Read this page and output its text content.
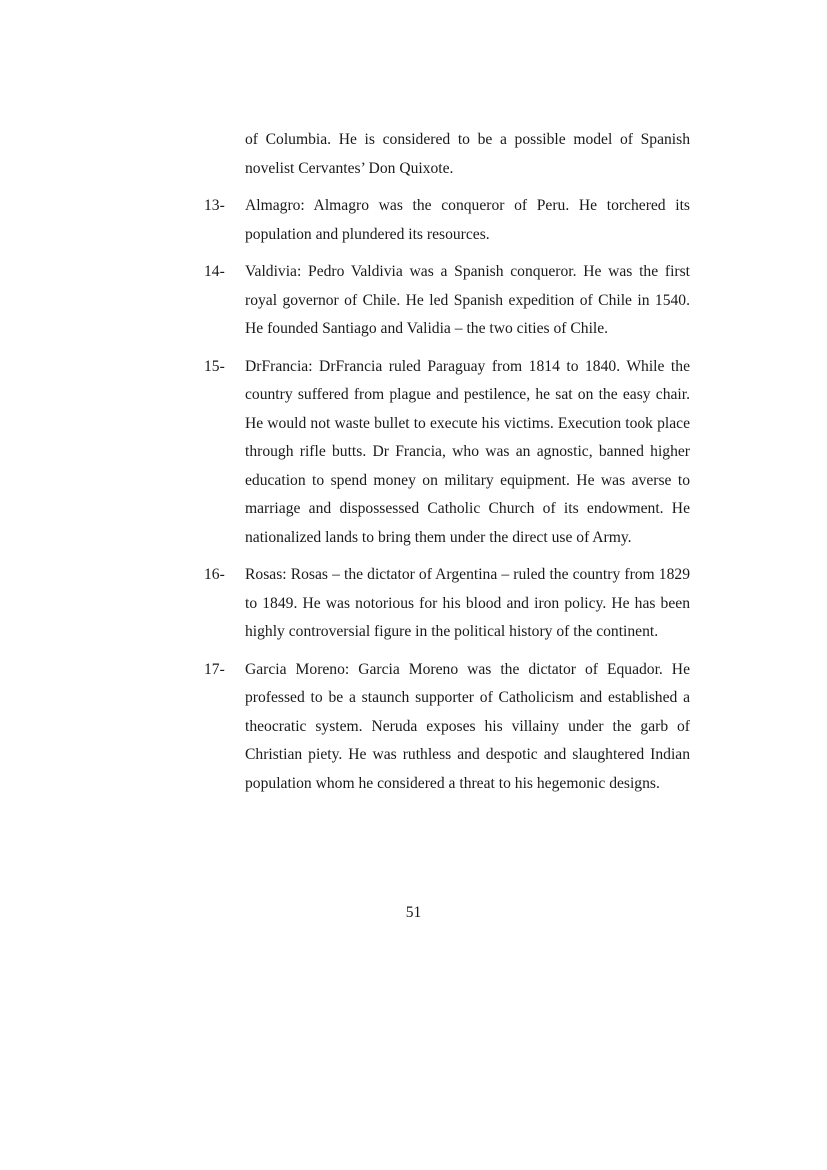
of Columbia. He is considered to be a possible model of Spanish novelist Cervantes’ Don Quixote.

13-	Almagro: Almagro was the conqueror of Peru. He torchered its population and plundered its resources.

14-	Valdivia: Pedro Valdivia was a Spanish conqueror. He was the first royal governor of Chile. He led Spanish expedition of Chile in 1540. He founded Santiago and Validia – the two cities of Chile.

15-	DrFrancia: DrFrancia ruled Paraguay from 1814 to 1840. While the country suffered from plague and pestilence, he sat on the easy chair. He would not waste bullet to execute his victims. Execution took place through rifle butts. Dr Francia, who was an agnostic, banned higher education to spend money on military equipment. He was averse to marriage and dispossessed Catholic Church of its endowment. He nationalized lands to bring them under the direct use of Army.

16-	Rosas: Rosas – the dictator of Argentina – ruled the country from 1829 to 1849. He was notorious for his blood and iron policy. He has been highly controversial figure in the political history of the continent.

17-	Garcia Moreno: Garcia Moreno was the dictator of Equador. He professed to be a staunch supporter of Catholicism and established a theocratic system. Neruda exposes his villainy under the garb of Christian piety. He was ruthless and despotic and slaughtered Indian population whom he considered a threat to his hegemonic designs.

51
